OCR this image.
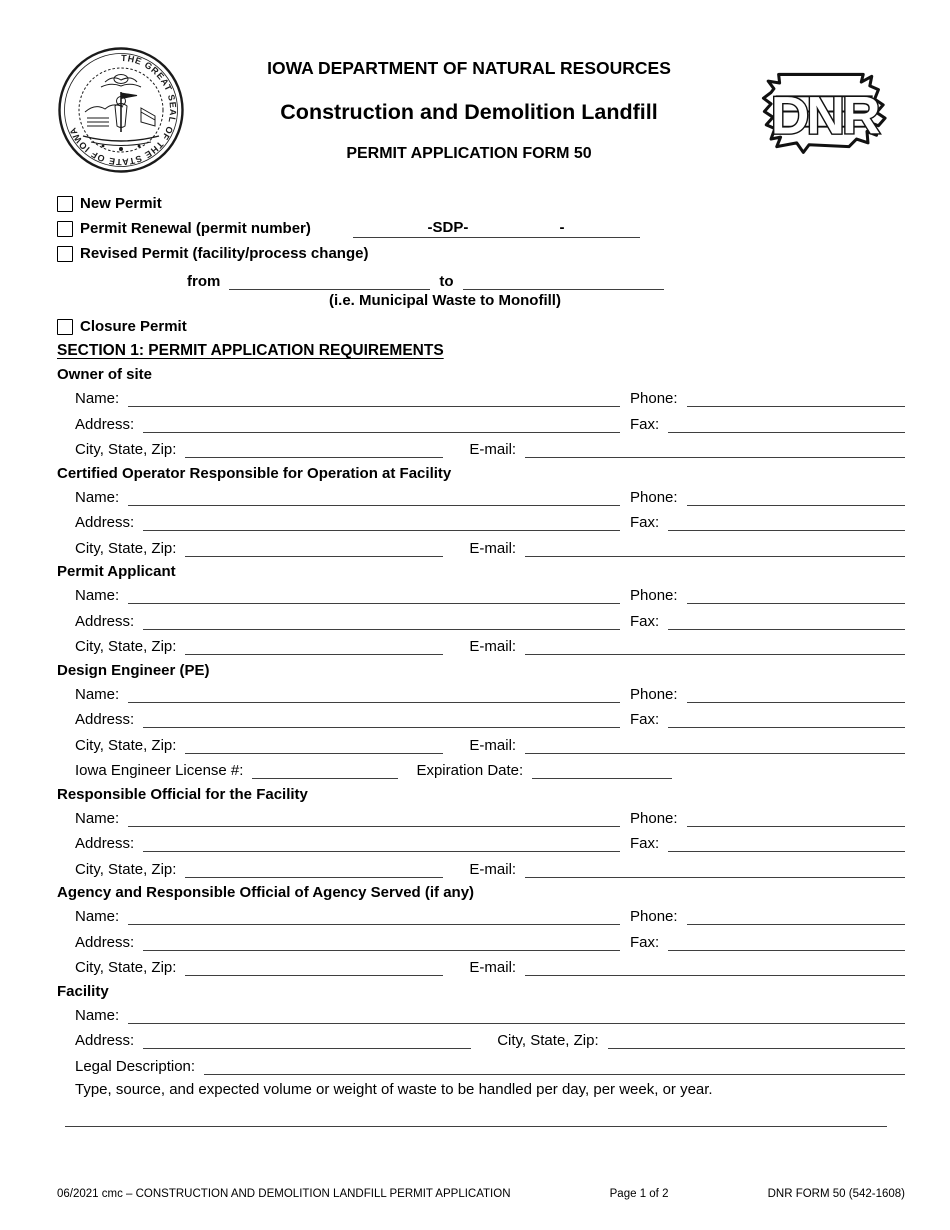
THE GREAT SEAL OF THE STATE OF IOWA
IOWA DEPARTMENT OF NATURAL RESOURCES
Construction and Demolition Landfill
PERMIT APPLICATION FORM 50
DNR
New Permit
Permit Renewal (permit number)	-SDP-	-
Revised Permit (facility/process change)
from	to
(i.e. Municipal Waste to Monofill)
Closure Permit
SECTION 1: PERMIT APPLICATION REQUIREMENTS
Owner of site
Name:	Phone:
Address:	Fax:
City, State, Zip:	E-mail:
Certified Operator Responsible for Operation at Facility
Name:	Phone:
Address:	Fax:
City, State, Zip:	E-mail:
Permit Applicant
Name:	Phone:
Address:	Fax:
City, State, Zip:	E-mail:
Design Engineer (PE)
Name:	Phone:
Address:	Fax:
City, State, Zip:	E-mail:
Iowa Engineer License #:	Expiration Date:
Responsible Official for the Facility
Name:	Phone:
Address:	Fax:
City, State, Zip:	E-mail:
Agency and Responsible Official of Agency Served (if any)
Name:	Phone:
Address:	Fax:
City, State, Zip:	E-mail:
Facility
Name:
Address:	City, State, Zip:
Legal Description:
Type, source, and expected volume or weight of waste to be handled per day, per week, or year.
06/2021 cmc – CONSTRUCTION AND DEMOLITION LANDFILL PERMIT APPLICATION	Page 1 of 2	DNR FORM 50 (542-1608)
